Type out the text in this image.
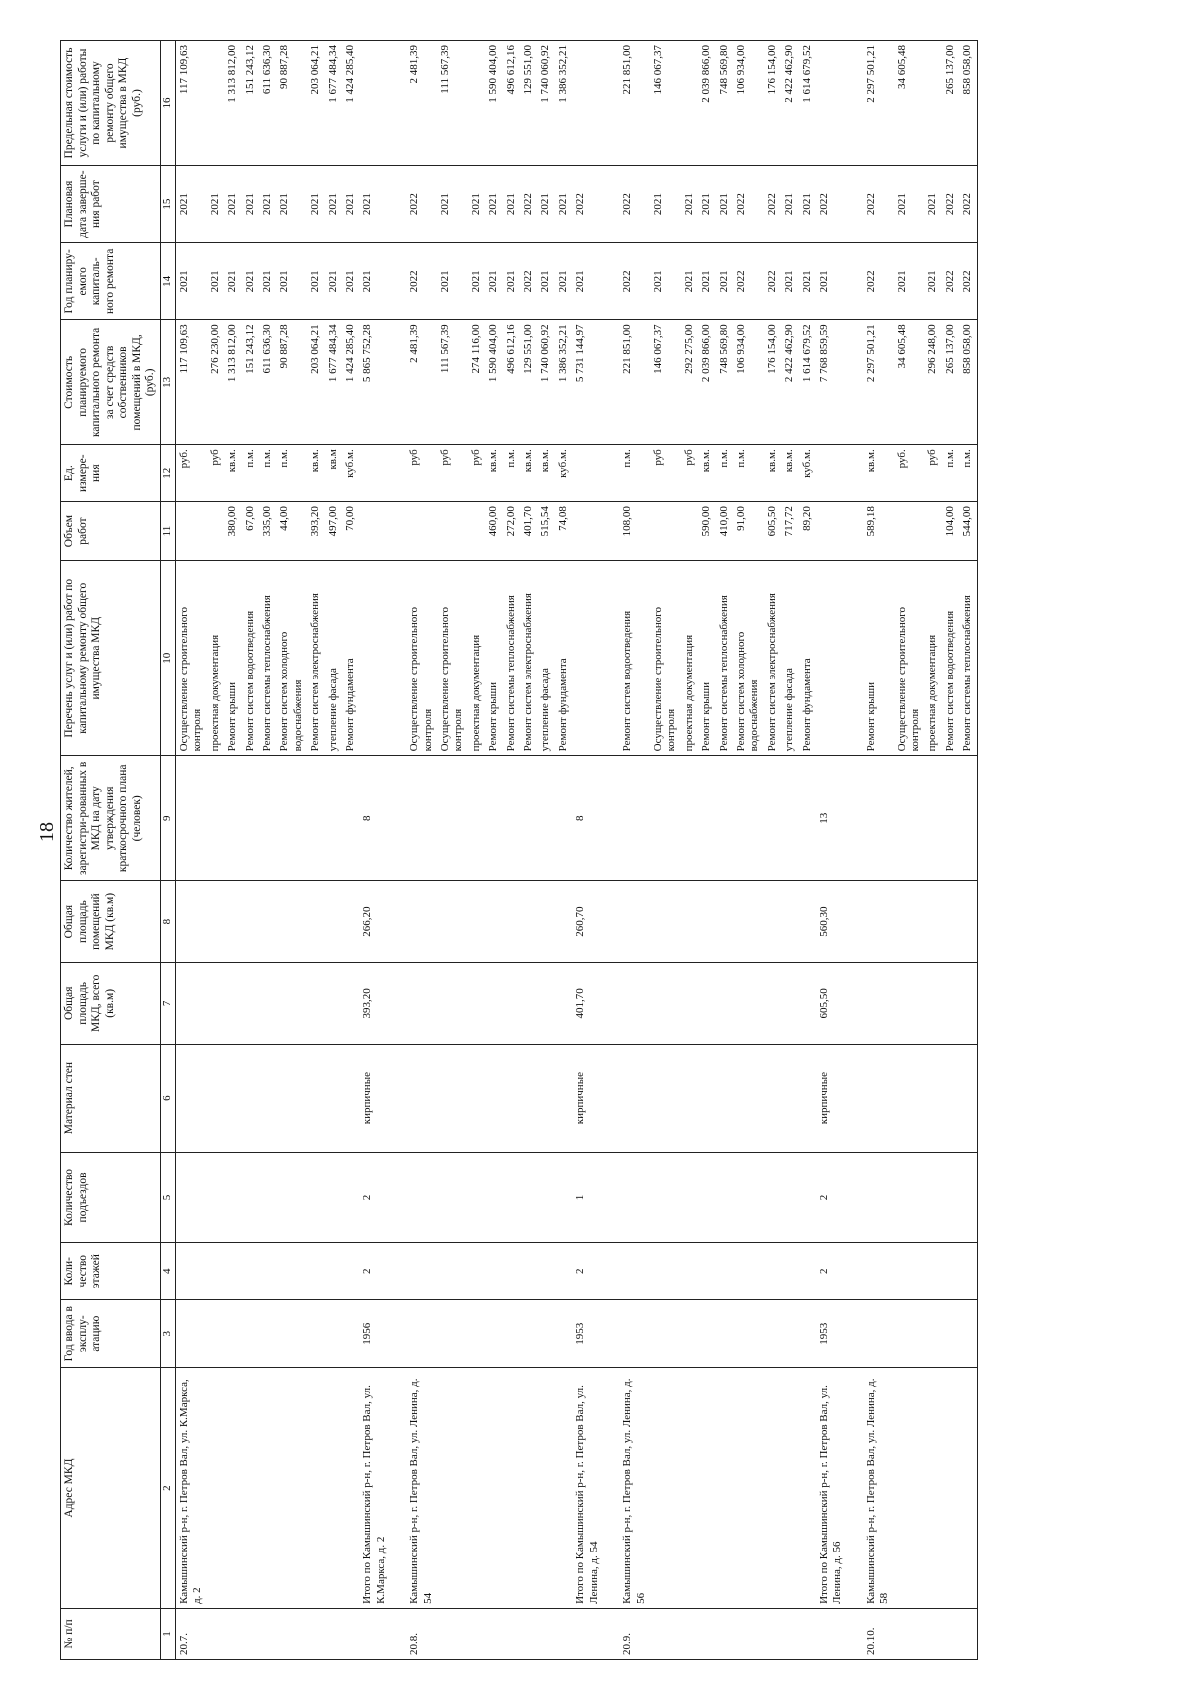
18
№ п/п	Адрес МКД	Год ввода в эксплу-атацию	Коли-чество этажей	Количество подъездов	Материал стен	Общая площадь МКД, всего (кв.м)	Общая площадь помещений МКД (кв.м)	Количество жителей, зарегистри-рованных в МКД на дату утверждения краткосрочного плана (человек)	Перечень услуг и (или) работ по капитальному ремонту общего имущества МКД	Объем работ	Ед. измере-ния	Стоимость планируемого капитального ремонта за счет средств собственников помещений в МКД, (руб.)	Год планиру-емого капиталь-ного ремонта	Плановая дата заверше-ния работ	Предельная стоимость услуги и (или) работы по капитальному ремонту общего имущества в МКД (руб.)
1	2	3	4	5	6	7	8	9	10	11	12	13	14	15	16
20.7.	Камышинский р-н, г. Петров Вал, ул. К.Маркса, д. 2								Осуществление строительного контроля		руб.	117 109,63	2021	2021	117 109,63
									проектная документация		руб	276 230,00	2021	2021	
									Ремонт крыши	380,00	кв.м.	1 313 812,00	2021	2021	1 313 812,00
									Ремонт систем водоотведения	67,00	п.м.	151 243,12	2021	2021	151 243,12
									Ремонт системы теплоснабжения	335,00	п.м.	611 636,30	2021	2021	611 636,30
									Ремонт систем холодного водоснабжения	44,00	п.м.	90 887,28	2021	2021	90 887,28
									Ремонт систем электроснабжения	393,20	кв.м.	203 064,21	2021	2021	203 064,21
									утепление фасада	497,00	кв.м	1 677 484,34	2021	2021	1 677 484,34
									Ремонт фундамента	70,00	куб.м.	1 424 285,40	2021	2021	1 424 285,40
	Итого по Камышинский р-н, г. Петров Вал, ул. К.Маркса, д. 2	1956	2	2	кирпичные	393,20	266,20	8				5 865 752,28	2021	2021	

20.8.	Камышинский р-н, г. Петров Вал, ул. Ленина, д. 54								Осуществление строительного контроля		руб	2 481,39	2022	2022	2 481,39
									Осуществление строительного контроля		руб	111 567,39	2021	2021	111 567,39
									проектная документация		руб	274 116,00	2021	2021	
									Ремонт крыши	460,00	кв.м.	1 590 404,00	2021	2021	1 590 404,00
									Ремонт системы теплоснабжения	272,00	п.м.	496 612,16	2021	2021	496 612,16
									Ремонт систем электроснабжения	401,70	кв.м.	129 551,00	2022	2022	129 551,00
									утепление фасада	515,54	кв.м.	1 740 060,92	2021	2021	1 740 060,92
									Ремонт фундамента	74,08	куб.м.	1 386 352,21	2021	2021	1 386 352,21
	Итого по Камышинский р-н, г. Петров Вал, ул. Ленина, д. 54	1953	2	1	кирпичные	401,70	260,70	8				5 731 144,97	2021	2022	

20.9.	Камышинский р-н, г. Петров Вал, ул. Ленина, д. 56								Ремонт систем водоотведения	108,00	п.м.	221 851,00	2022	2022	221 851,00
									Осуществление строительного контроля		руб	146 067,37	2021	2021	146 067,37
									проектная документация		руб	292 275,00	2021	2021	
									Ремонт крыши	590,00	кв.м.	2 039 866,00	2021	2021	2 039 866,00
									Ремонт системы теплоснабжения	410,00	п.м.	748 569,80	2021	2021	748 569,80
									Ремонт систем холодного водоснабжения	91,00	п.м.	106 934,00	2022	2022	106 934,00
									Ремонт систем электроснабжения	605,50	кв.м.	176 154,00	2022	2022	176 154,00
									утепление фасада	717,72	кв.м.	2 422 462,90	2021	2021	2 422 462,90
									Ремонт фундамента	89,20	куб.м.	1 614 679,52	2021	2021	1 614 679,52
	Итого по Камышинский р-н, г. Петров Вал, ул. Ленина, д. 56	1953	2	2	кирпичные	605,50	560,30	13				7 768 859,59	2021	2022	

20.10.	Камышинский р-н, г. Петров Вал, ул. Ленина, д. 58								Ремонт крыши	589,18	кв.м.	2 297 501,21	2022	2022	2 297 501,21
									Осуществление строительного контроля		руб.	34 605,48	2021	2021	34 605,48
									проектная документация		руб	296 248,00	2021	2021	
									Ремонт систем водоотведения	104,00	п.м.	265 137,00	2022	2022	265 137,00
									Ремонт системы теплоснабжения	544,00	п.м.	858 058,00	2022	2022	858 058,00
